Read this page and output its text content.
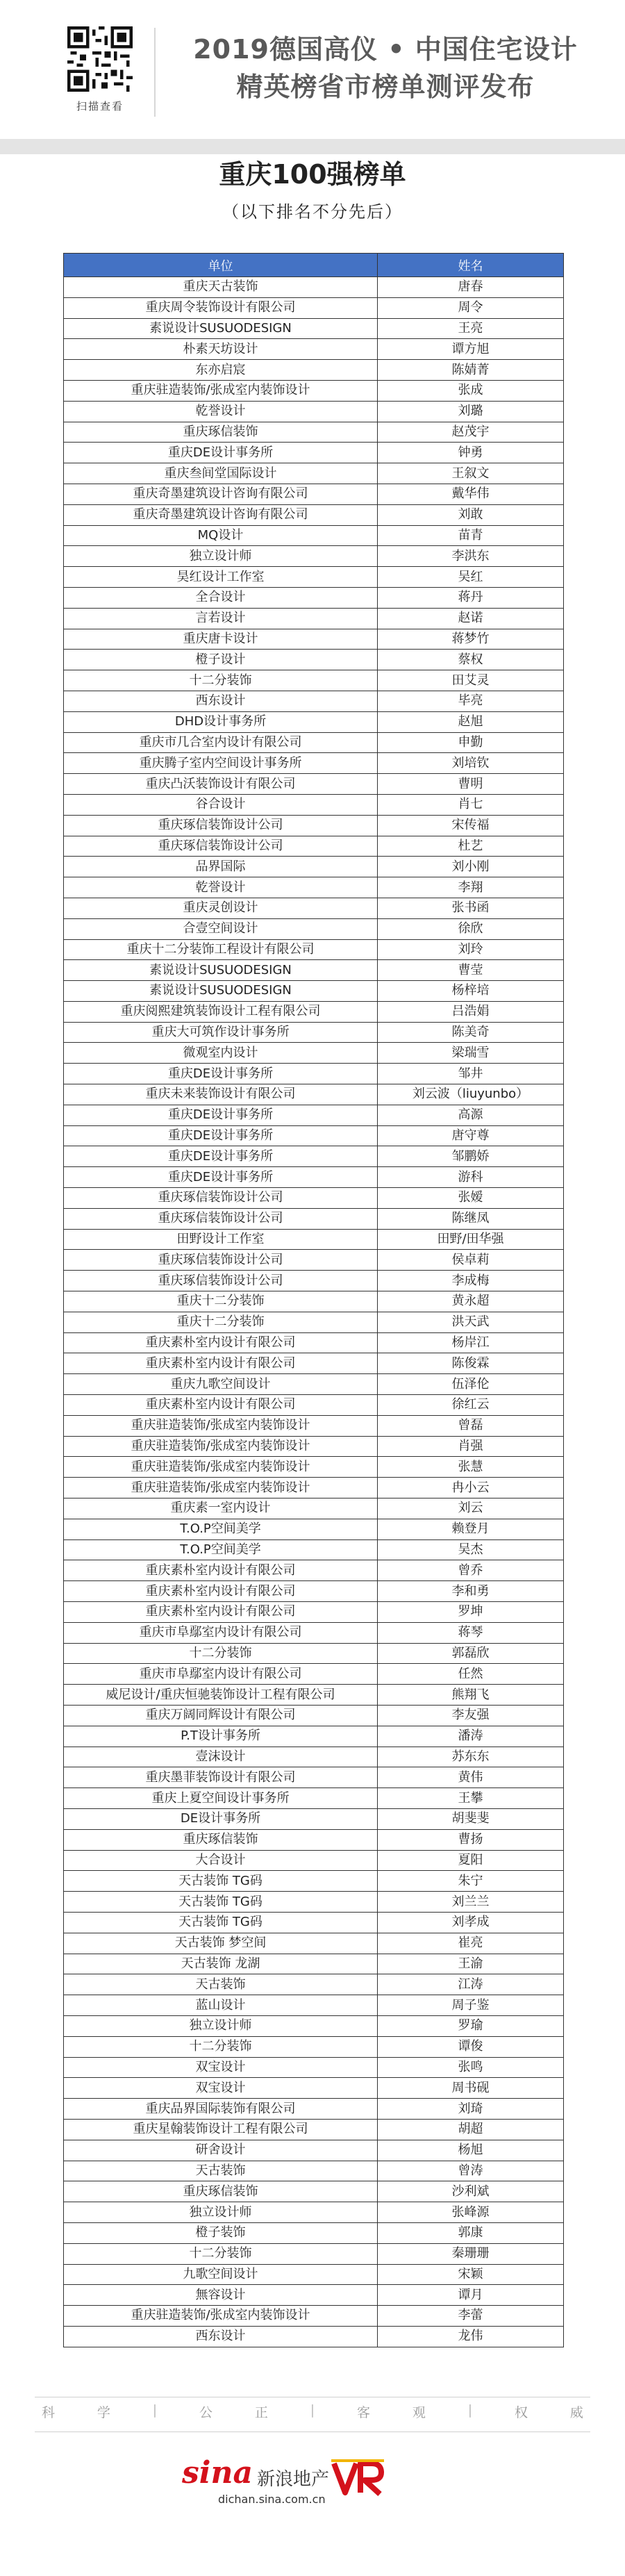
扫描查看
2019德国高仪 • 中国住宅设计
精英榜省市榜单测评发布
重庆100强榜单
（以下排名不分先后）
单位	姓名
重庆天古装饰	唐春
重庆周令装饰设计有限公司	周令
素说设计SUSUODESIGN	王亮
朴素天坊设计	谭方旭
东亦启宸	陈婧菁
重庆驻造装饰/张成室内装饰设计	张成
乾誉设计	刘璐
重庆琢信装饰	赵茂宇
重庆DE设计事务所	钟勇
重庆叁间堂国际设计	王叙文
重庆奇墨建筑设计咨询有限公司	戴华伟
重庆奇墨建筑设计咨询有限公司	刘敢
MQ设计	苗青
独立设计师	李洪东
昊红设计工作室	吴红
全合设计	蒋丹
言若设计	赵诺
重庆唐卡设计	蒋梦竹
橙子设计	蔡权
十二分装饰	田艾灵
西东设计	毕亮
DHD设计事务所	赵旭
重庆市几合室内设计有限公司	申勤
重庆腾子室内空间设计事务所	刘培钦
重庆凸沃装饰设计有限公司	曹明
谷合设计	肖七
重庆琢信装饰设计公司	宋传福
重庆琢信装饰设计公司	杜艺
品界国际	刘小刚
乾誉设计	李翔
重庆灵创设计	张书函
合壹空间设计	徐欣
重庆十二分装饰工程设计有限公司	刘玲
素说设计SUSUODESIGN	曹莹
素说设计SUSUODESIGN	杨梓培
重庆阅熙建筑装饰设计工程有限公司	吕浩娟
重庆大可筑作设计事务所	陈美奇
微观室内设计	梁瑞雪
重庆DE设计事务所	邹井
重庆未来装饰设计有限公司	刘云波（liuyunbo）
重庆DE设计事务所	高源
重庆DE设计事务所	唐守尊
重庆DE设计事务所	邹鹏娇
重庆DE设计事务所	游科
重庆琢信装饰设计公司	张嫒
重庆琢信装饰设计公司	陈继凤
田野设计工作室	田野/田华强
重庆琢信装饰设计公司	侯卓莉
重庆琢信装饰设计公司	李成梅
重庆十二分装饰	黄永超
重庆十二分装饰	洪天武
重庆素朴室内设计有限公司	杨岸江
重庆素朴室内设计有限公司	陈俊霖
重庆九歌空间设计	伍泽伦
重庆素朴室内设计有限公司	徐红云
重庆驻造装饰/张成室内装饰设计	曾磊
重庆驻造装饰/张成室内装饰设计	肖强
重庆驻造装饰/张成室内装饰设计	张慧
重庆驻造装饰/张成室内装饰设计	冉小云
重庆素一室内设计	刘云
T.O.P空间美学	赖登月
T.O.P空间美学	吴杰
重庆素朴室内设计有限公司	曾乔
重庆素朴室内设计有限公司	李和勇
重庆素朴室内设计有限公司	罗坤
重庆市阜鄢室内设计有限公司	蒋琴
十二分装饰	郭磊欣
重庆市阜鄢室内设计有限公司	任然
威尼设计/重庆恒驰装饰设计工程有限公司	熊翔飞
重庆万阔同辉设计有限公司	李友强
P.T设计事务所	潘涛
壹沫设计	苏东东
重庆墨菲装饰设计有限公司	黄伟
重庆上夏空间设计事务所	王攀
DE设计事务所	胡斐斐
重庆琢信装饰	曹扬
大合设计	夏阳
天古装饰 TG码	朱宁
天古装饰 TG码	刘兰兰
天古装饰 TG码	刘孝成
天古装饰 梦空间	崔亮
天古装饰 龙湖	王渝
天古装饰	江涛
蓝山设计	周子鉴
独立设计师	罗瑜
十二分装饰	谭俊
双宝设计	张鸣
双宝设计	周书砚
重庆品界国际装饰有限公司	刘琦
重庆星翰装饰设计工程有限公司	胡超
研舍设计	杨旭
天古装饰	曾涛
重庆琢信装饰	沙利斌
独立设计师	张峰源
橙子装饰	郭康
十二分装饰	秦珊珊
九歌空间设计	宋颖
無容设计	谭月
重庆驻造装饰/张成室内装饰设计	李蕾
西东设计	龙伟
科	学	|	公	正	|	客	观	|	权	威
sina 新浪地产
dichan.sina.com.cn
